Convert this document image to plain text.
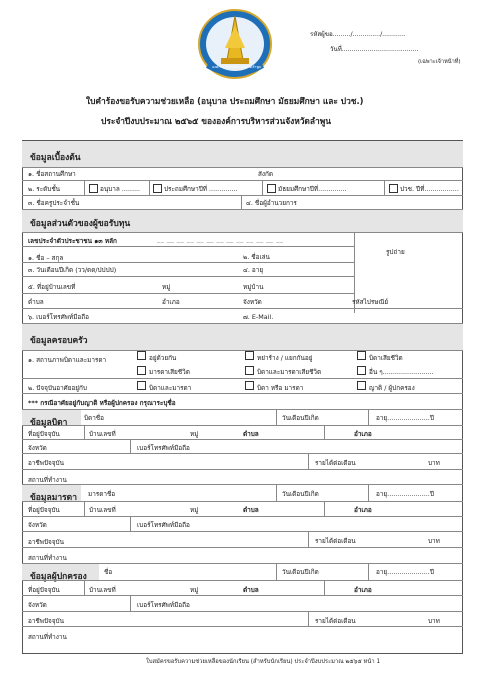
องค์การบริหารส่วนจังหวัดลำพูน
รหัสผู้ขอ........./............../............
วันที่.......................................
(เฉพาะเจ้าหน้าที่)
ใบคำร้องขอรับความช่วยเหลือ (อนุบาล ประถมศึกษา มัธยมศึกษา และ ปวช.)
ประจำปีงบประมาณ ๒๕๖๕ ขององค์การบริหารส่วนจังหวัดลำพูน
ข้อมูลเบื้องต้น
๑. ชื่อสถานศึกษา	สังกัด
๒. ระดับชั้น	อนุบาล .........	ประถมศึกษาปีที่ ..............	มัธยมศึกษาปีที่..............	ปวช. ปีที่.................
๓. ชื่อครูประจำชั้น	๔. ชื่อผู้อำนวยการ
ข้อมูลส่วนตัวของผู้ขอรับทุน
เลขประจำตัวประชาชน ๑๓ หลัก	__ __ __ __ __ __ __ __ __ __ __ __ __
รูปถ่าย
๑. ชื่อ – สกุล	๒. ชื่อเล่น
๓. วันเดือนปีเกิด (วว/ดด/ปปปป)	๔. อายุ
๕. ที่อยู่บ้านเลขที่	หมู่	หมู่บ้าน
ตำบล	อำเภอ	จังหวัด	รหัสไปรษณีย์
๖. เบอร์โทรศัพท์มือถือ	๗. E-Mail.
ข้อมูลครอบครัว
๑. สถานภาพบิดาและมารดา	อยู่ด้วยกัน	หย่าร้าง / แยกกันอยู่	บิดาเสียชีวิต
มารดาเสียชีวิต	บิดาและมารดาเสียชีวิต	อื่น ๆ.........................
๒. ปัจจุบันอาศัยอยู่กับ	บิดาและมารดา	บิดา หรือ มารดา	ญาติ / ผู้ปกครอง
*** กรณีอาศัยอยู่กับญาติ หรือผู้ปกครอง กรุณาระบุชื่อ
ข้อมูลบิดา	บิดาชื่อ	วันเดือนปีเกิด	อายุ.....................ปี
ที่อยู่ปัจจุบัน	บ้านเลขที่	หมู่	ตำบล	อำเภอ
จังหวัด	เบอร์โทรศัพท์มือถือ
อาชีพปัจจุบัน	รายได้ต่อเดือน	บาท
สถานที่ทำงาน
ข้อมูลมารดา มารดาชื่อ	วันเดือนปีเกิด	อายุ.....................ปี
ที่อยู่ปัจจุบัน	บ้านเลขที่	หมู่	ตำบล	อำเภอ
จังหวัด	เบอร์โทรศัพท์มือถือ
อาชีพปัจจุบัน	รายได้ต่อเดือน	บาท
สถานที่ทำงาน
ข้อมูลผู้ปกครอง	ชื่อ	วันเดือนปีเกิด	อายุ.....................ปี
ที่อยู่ปัจจุบัน	บ้านเลขที่	หมู่	ตำบล	อำเภอ
จังหวัด	เบอร์โทรศัพท์มือถือ
อาชีพปัจจุบัน	รายได้ต่อเดือน	บาท
สถานที่ทำงาน
ใบสมัครขอรับความช่วยเหลือของนักเรียน (สำหรับนักเรียน) ประจำปีงบประมาณ ๒๕๖๕ หน้า 1
